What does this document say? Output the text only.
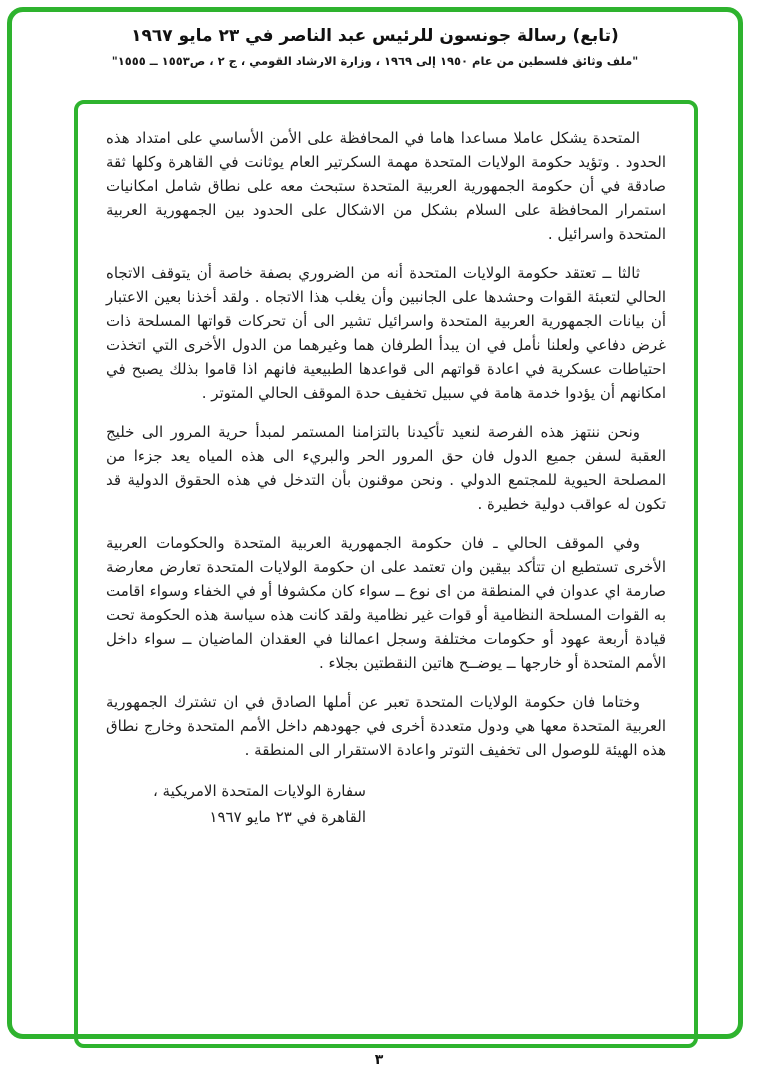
(تابع) رسالة جونسون للرئيس عبد الناصر في ٢٣ مايو ١٩٦٧
"ملف وثائق فلسطين من عام ١٩٥٠ إلى ١٩٦٩ ، وزارة الارشاد القومي ، ج ٢ ، ص١٥٥٣ ــ ١٥٥٥"

المتحدة يشكل عاملا مساعدا هاما في المحافظة على الأمن الأساسي على امتداد هذه الحدود . وتؤيد حكومة الولايات المتحدة مهمة السكرتير العام يوثانت في القاهرة وكلها ثقة صادقة في أن حكومة الجمهورية العربية المتحدة ستبحث معه على نطاق شامل امكانيات استمرار المحافظة على السلام بشكل من الاشكال على الحدود بين الجمهورية العربية المتحدة واسرائيل .

ثالثا ــ تعتقد حكومة الولايات المتحدة أنه من الضروري بصفة خاصة أن يتوقف الاتجاه الحالي لتعبئة القوات وحشدها على الجانبين وأن يغلب هذا الاتجاه . ولقد أخذنا بعين الاعتبار أن بيانات الجمهورية العربية المتحدة واسرائيل تشير الى أن تحركات قواتها المسلحة ذات غرض دفاعي ولعلنا نأمل في ان يبدأ الطرفان هما وغيرهما من الدول الأخرى التي اتخذت احتياطات عسكرية في اعادة قواتهم الى قواعدها الطبيعية فانهم اذا قاموا بذلك يصبح في امكانهم أن يؤدوا خدمة هامة في سبيل تخفيف حدة الموقف الحالي المتوتر .

ونحن ننتهز هذه الفرصة لنعيد تأكيدنا بالتزامنا المستمر لمبدأ حرية المرور الى خليج العقبة لسفن جميع الدول فان حق المرور الحر والبريء الى هذه المياه يعد جزءا من المصلحة الحيوية للمجتمع الدولي . ونحن موقنون بأن التدخل في هذه الحقوق الدولية قد تكون له عواقب دولية خطيرة .

وفي الموقف الحالي ـ فان حكومة الجمهورية العربية المتحدة والحكومات العربية الأخرى تستطيع ان تتأكد بيقين وان تعتمد على ان حكومة الولايات المتحدة تعارض معارضة صارمة اي عدوان في المنطقة من اى نوع ــ سواء كان مكشوفا أو في الخفاء وسواء اقامت به القوات المسلحة النظامية أو قوات غير نظامية ولقد كانت هذه سياسة هذه الحكومة تحت قيادة أربعة عهود أو حكومات مختلفة وسجل اعمالنا في العقدان الماضيان ــ سواء داخل الأمم المتحدة أو خارجها ــ يوضــح هاتين النقطتين بجلاء .

وختاما فان حكومة الولايات المتحدة تعبر عن أملها الصادق في ان تشترك الجمهورية العربية المتحدة معها هي ودول متعددة أخرى في جهودهم داخل الأمم المتحدة وخارج نطاق هذه الهيئة للوصول الى تخفيف التوتر واعادة الاستقرار الى المنطقة .

سفارة الولايات المتحدة الامريكية ،
القاهرة في ٢٣ مايو ١٩٦٧
٣
